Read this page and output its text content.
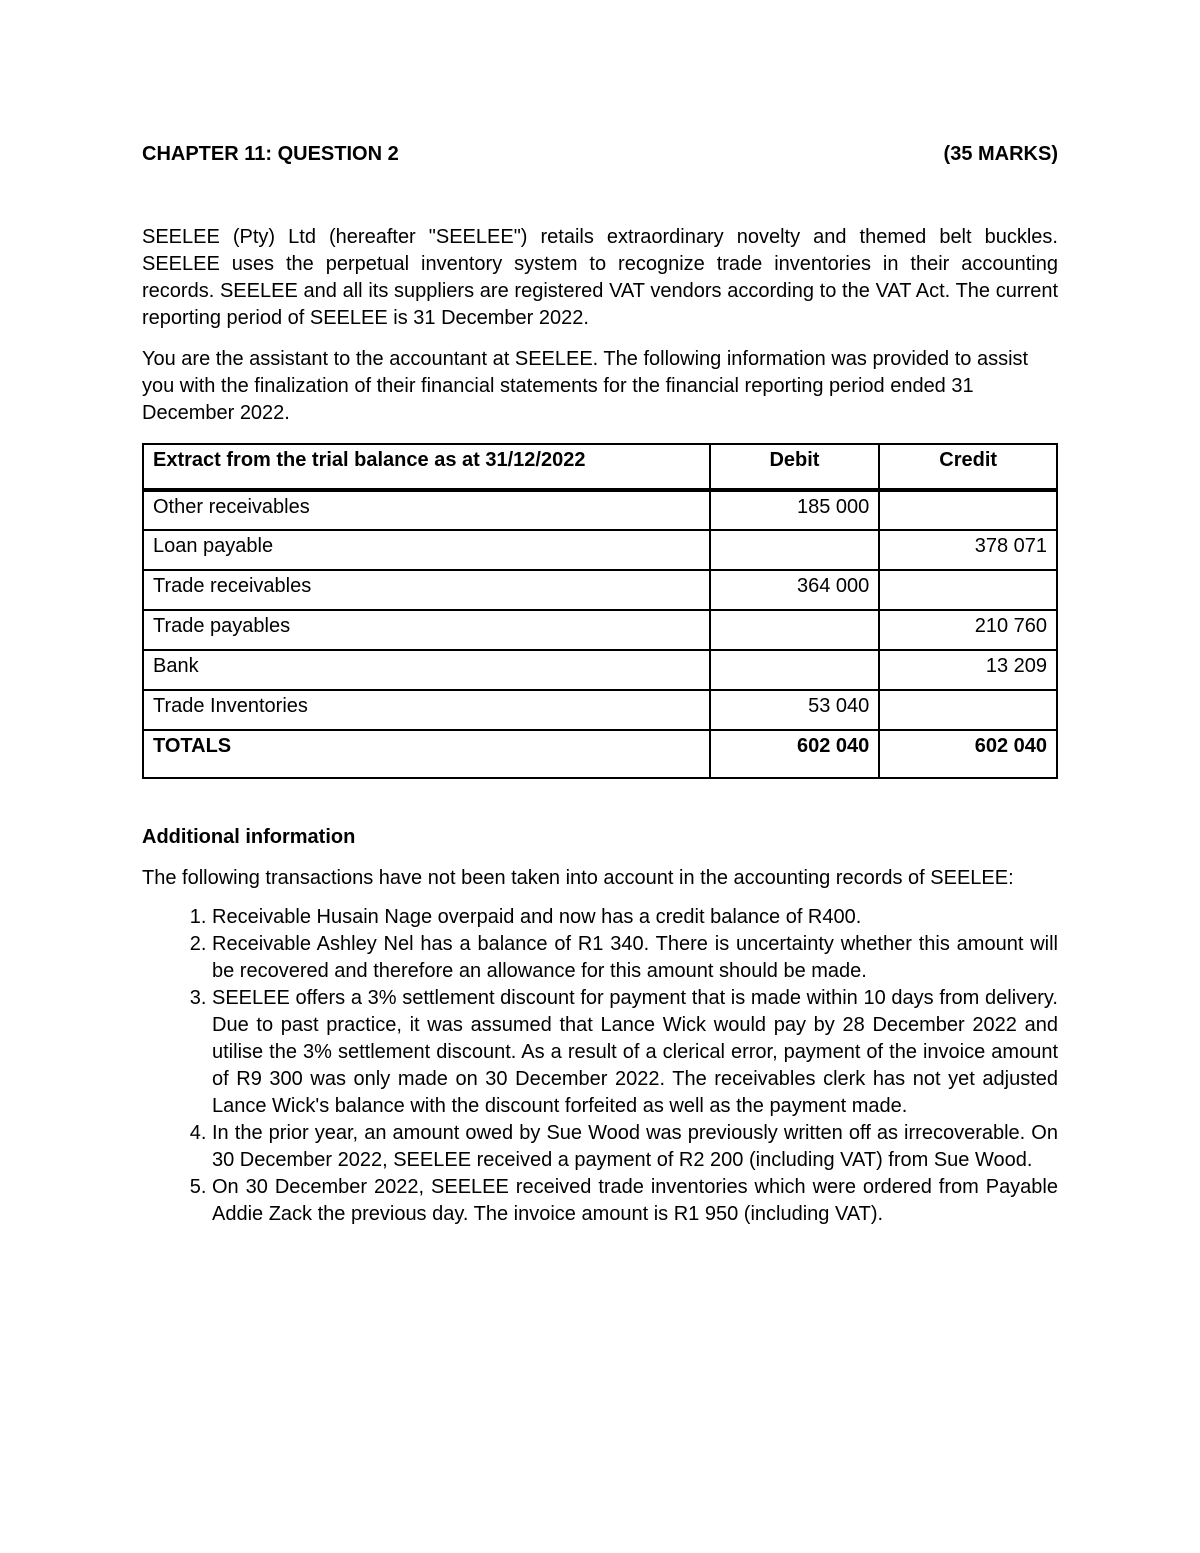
CHAPTER 11: QUESTION 2	(35 MARKS)

SEELEE (Pty) Ltd (hereafter "SEELEE") retails extraordinary novelty and themed belt buckles. SEELEE uses the perpetual inventory system to recognize trade inventories in their accounting records. SEELEE and all its suppliers are registered VAT vendors according to the VAT Act. The current reporting period of SEELEE is 31 December 2022.

You are the assistant to the accountant at SEELEE. The following information was provided to assist you with the finalization of their financial statements for the financial reporting period ended 31 December 2022.

Extract from the trial balance as at 31/12/2022	Debit	Credit
Other receivables	185 000	
Loan payable		378 071
Trade receivables	364 000	
Trade payables		210 760
Bank		13 209
Trade Inventories	53 040	
TOTALS	602 040	602 040
Additional information

The following transactions have not been taken into account in the accounting records of SEELEE:

1. Receivable Husain Nage overpaid and now has a credit balance of R400.
2. Receivable Ashley Nel has a balance of R1 340. There is uncertainty whether this amount will be recovered and therefore an allowance for this amount should be made.
3. SEELEE offers a 3% settlement discount for payment that is made within 10 days from delivery. Due to past practice, it was assumed that Lance Wick would pay by 28 December 2022 and utilise the 3% settlement discount. As a result of a clerical error, payment of the invoice amount of R9 300 was only made on 30 December 2022. The receivables clerk has not yet adjusted Lance Wick's balance with the discount forfeited as well as the payment made.
4. In the prior year, an amount owed by Sue Wood was previously written off as irrecoverable. On 30 December 2022, SEELEE received a payment of R2 200 (including VAT) from Sue Wood.
5. On 30 December 2022, SEELEE received trade inventories which were ordered from Payable Addie Zack the previous day. The invoice amount is R1 950 (including VAT).
